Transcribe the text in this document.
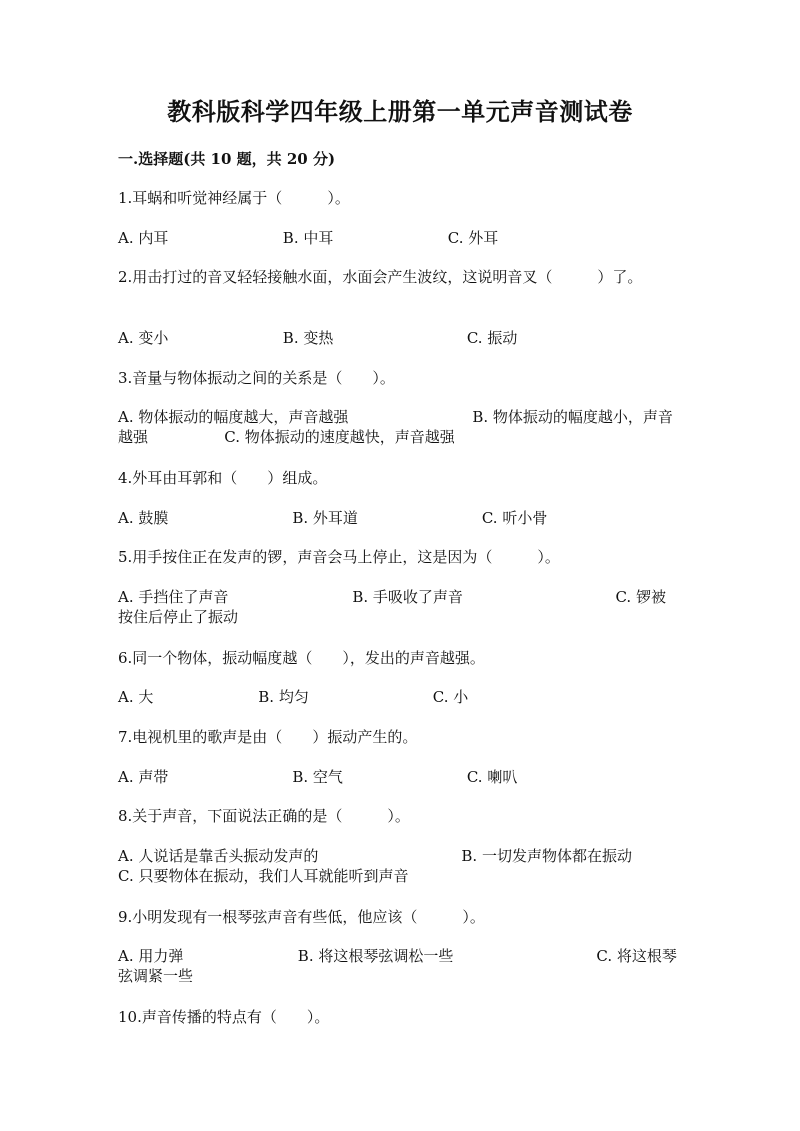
教科版科学四年级上册第一单元声音测试卷
一.选择题(共 10 题，共 20 分)
1.耳蜗和听觉神经属于（　　　）。
A. 内耳                        B. 中耳                        C. 外耳
2.用击打过的音叉轻轻接触水面，水面会产生波纹，这说明音叉（　　　）了。
A. 变小                        B. 变热                            C. 振动
3.音量与物体振动之间的关系是（　　）。
A. 物体振动的幅度越大，声音越强                          B. 物体振动的幅度越小，声音越强                C. 物体振动的速度越快，声音越强
4.外耳由耳郭和（　　）组成。
A. 鼓膜                          B. 外耳道                          C. 听小骨
5.用手按住正在发声的锣，声音会马上停止，这是因为（　　　）。
A. 手挡住了声音                          B. 手吸收了声音                                C. 锣被按住后停止了振动
6.同一个物体，振动幅度越（　　），发出的声音越强。
A. 大                      B. 均匀                          C. 小
7.电视机里的歌声是由（　　）振动产生的。
A. 声带                          B. 空气                          C. 喇叭
8.关于声音，下面说法正确的是（　　　）。
A. 人说话是靠舌头振动发声的                              B. 一切发声物体都在振动                          C. 只要物体在振动，我们人耳就能听到声音
9.小明发现有一根琴弦声音有些低，他应该（　　　）。
A. 用力弹                        B. 将这根琴弦调松一些                              C. 将这根琴弦调紧一些
10.声音传播的特点有（　　）。
